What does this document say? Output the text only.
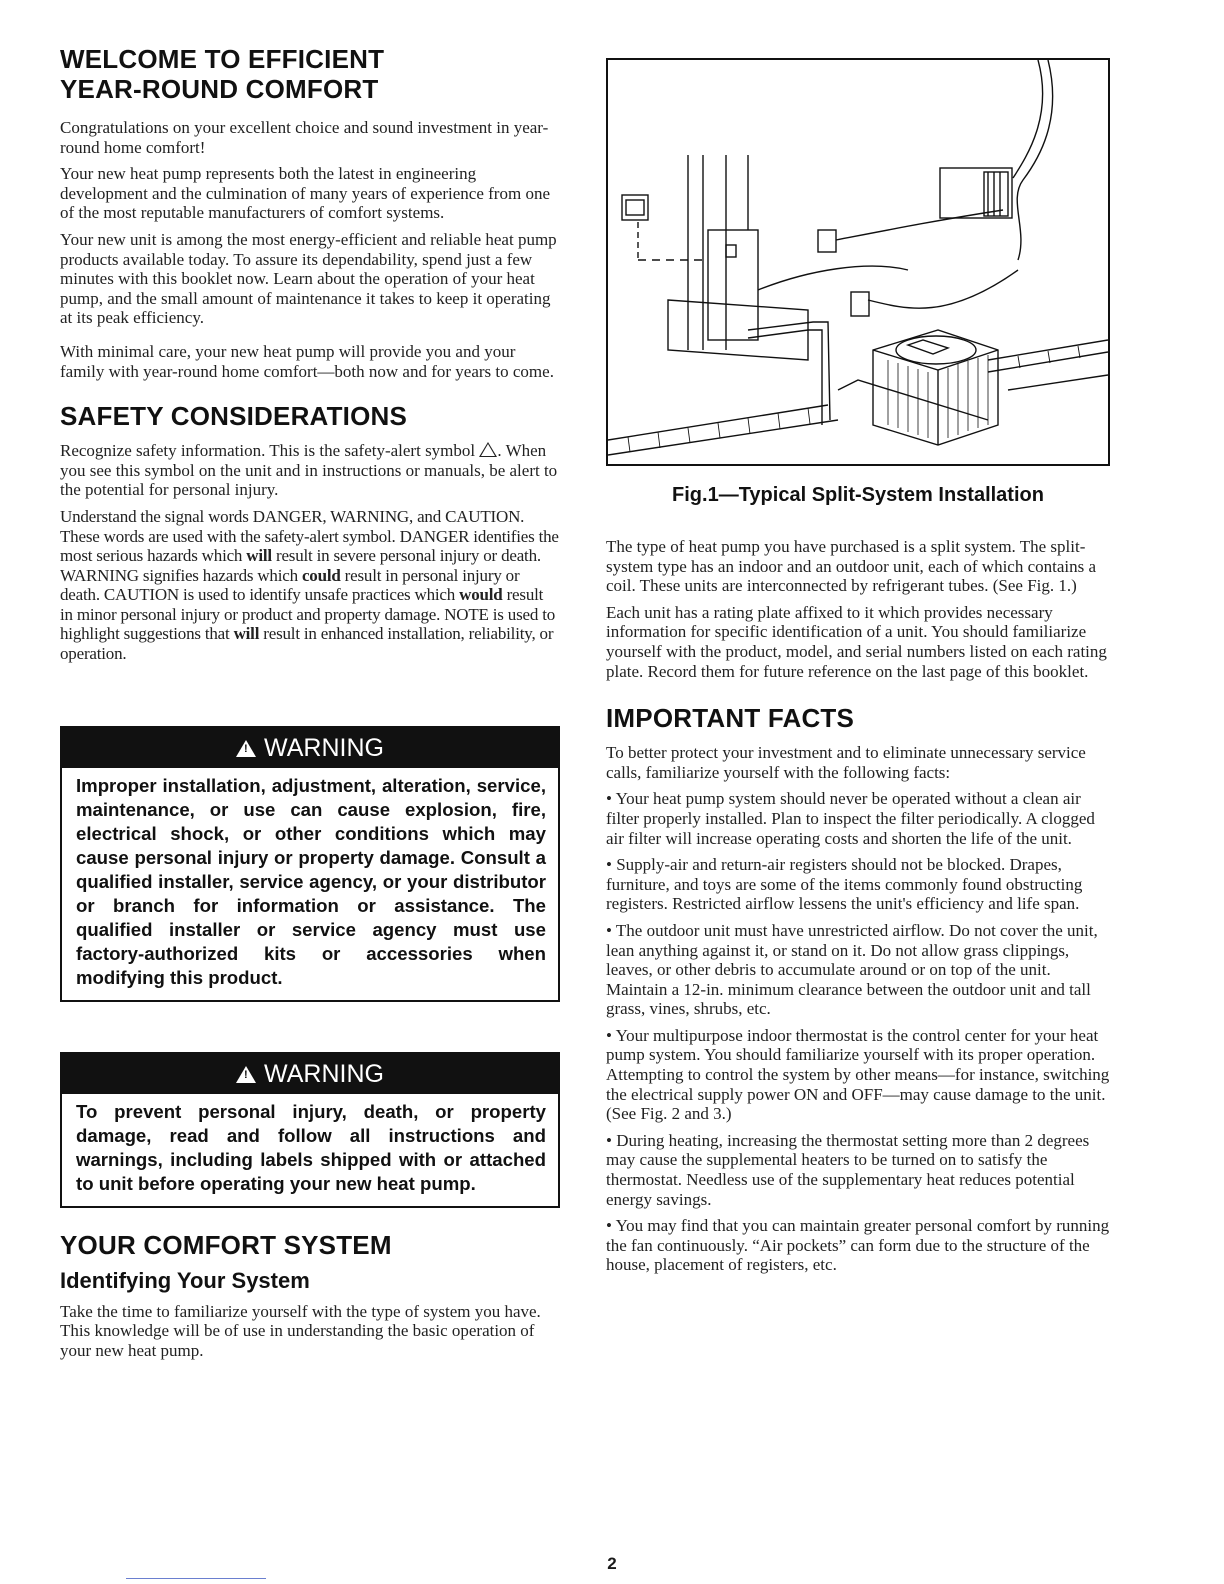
WELCOME TO EFFICIENT
YEAR-ROUND COMFORT

Congratulations on your excellent choice and sound investment in year-round home comfort!

Your new heat pump represents both the latest in engineering development and the culmination of many years of experience from one of the most reputable manufacturers of comfort systems.

Your new unit is among the most energy-efficient and reliable heat pump products available today. To assure its dependability, spend just a few minutes with this booklet now. Learn about the operation of your heat pump, and the small amount of maintenance it takes to keep it operating at its peak efficiency.

With minimal care, your new heat pump will provide you and your family with year-round home comfort—both now and for years to come.

SAFETY CONSIDERATIONS

Recognize safety information. This is the safety-alert symbol . When you see this symbol on the unit and in instructions or manuals, be alert to the potential for personal injury.

Understand the signal words DANGER, WARNING, and CAUTION. These words are used with the safety-alert symbol. DANGER identifies the most serious hazards which will result in severe personal injury or death. WARNING signifies hazards which could result in personal injury or death. CAUTION is used to identify unsafe practices which would result in minor personal injury or product and property damage. NOTE is used to highlight suggestions that will result in enhanced installation, reliability, or operation.

!WARNING
Improper installation, adjustment, alteration, service, maintenance, or use can cause explosion, fire, electrical shock, or other conditions which may cause personal injury or property damage. Consult a qualified installer, service agency, or your distributor or branch for information or assistance. The qualified installer or service agency must use factory-authorized kits or accessories when modifying this product.
!WARNING
To prevent personal injury, death, or property damage, read and follow all instructions and warnings, including labels shipped with or attached to unit before operating your new heat pump.
YOUR COMFORT SYSTEM
Identifying Your System

Take the time to familiarize yourself with the type of system you have. This knowledge will be of use in understanding the basic operation of your new heat pump.

Fig.1—Typical Split-System Installation

The type of heat pump you have purchased is a split system. The split-system type has an indoor and an outdoor unit, each of which contains a coil. These units are interconnected by refrigerant tubes. (See Fig. 1.)

Each unit has a rating plate affixed to it which provides necessary information for specific identification of a unit. You should familiarize yourself with the product, model, and serial numbers listed on each rating plate. Record them for future reference on the last page of this booklet.

IMPORTANT FACTS

To better protect your investment and to eliminate unnecessary service calls, familiarize yourself with the following facts:

• Your heat pump system should never be operated without a clean air filter properly installed. Plan to inspect the filter periodically. A clogged air filter will increase operating costs and shorten the life of the unit.

• Supply-air and return-air registers should not be blocked. Drapes, furniture, and toys are some of the items commonly found obstructing registers. Restricted airflow lessens the unit's efficiency and life span.

• The outdoor unit must have unrestricted airflow. Do not cover the unit, lean anything against it, or stand on it. Do not allow grass clippings, leaves, or other debris to accumulate around or on top of the unit. Maintain a 12-in. minimum clearance between the outdoor unit and tall grass, vines, shrubs, etc.

• Your multipurpose indoor thermostat is the control center for your heat pump system. You should familiarize yourself with its proper operation. Attempting to control the system by other means—for instance, switching the electrical supply power ON and OFF—may cause damage to the unit. (See Fig. 2 and 3.)

• During heating, increasing the thermostat setting more than 2 degrees may cause the supplemental heaters to be turned on to satisfy the thermostat. Needless use of the supplementary heat reduces potential energy savings.

• You may find that you can maintain greater personal comfort by running the fan continuously. “Air pockets” can form due to the structure of the house, placement of registers, etc.

2
